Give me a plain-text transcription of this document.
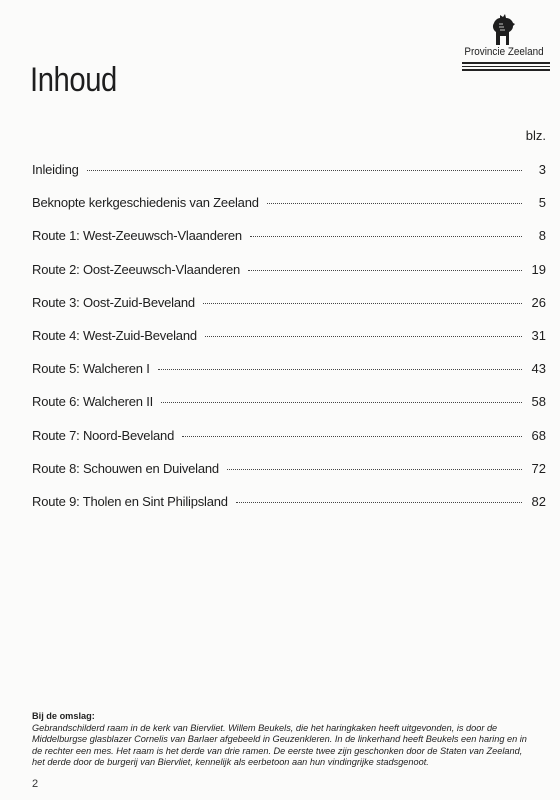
Inhoud
Provincie Zeeland
blz.
Inleiding	3
Beknopte kerkgeschiedenis van Zeeland	5
Route 1: West-Zeeuwsch-Vlaanderen	8
Route 2: Oost-Zeeuwsch-Vlaanderen	19
Route 3: Oost-Zuid-Beveland	26
Route 4: West-Zuid-Beveland	31
Route 5: Walcheren I	43
Route 6: Walcheren II	58
Route 7: Noord-Beveland	68
Route 8: Schouwen en Duiveland	72
Route 9: Tholen en Sint Philipsland	82
Bij de omslag:
Gebrandschilderd raam in de kerk van Biervliet. Willem Beukels, die het haringkaken heeft uitgevonden, is door de Middelburgse glasblazer Cornelis van Barlaer afgebeeld in Geuzenkleren. In de linkerhand heeft Beukels een haring en in de rechter een mes. Het raam is het derde van drie ramen. De eerste twee zijn geschonken door de Staten van Zeeland, het derde door de burgerij van Biervliet, kennelijk als eerbetoon aan hun vindingrijke stadsgenoot.
2
